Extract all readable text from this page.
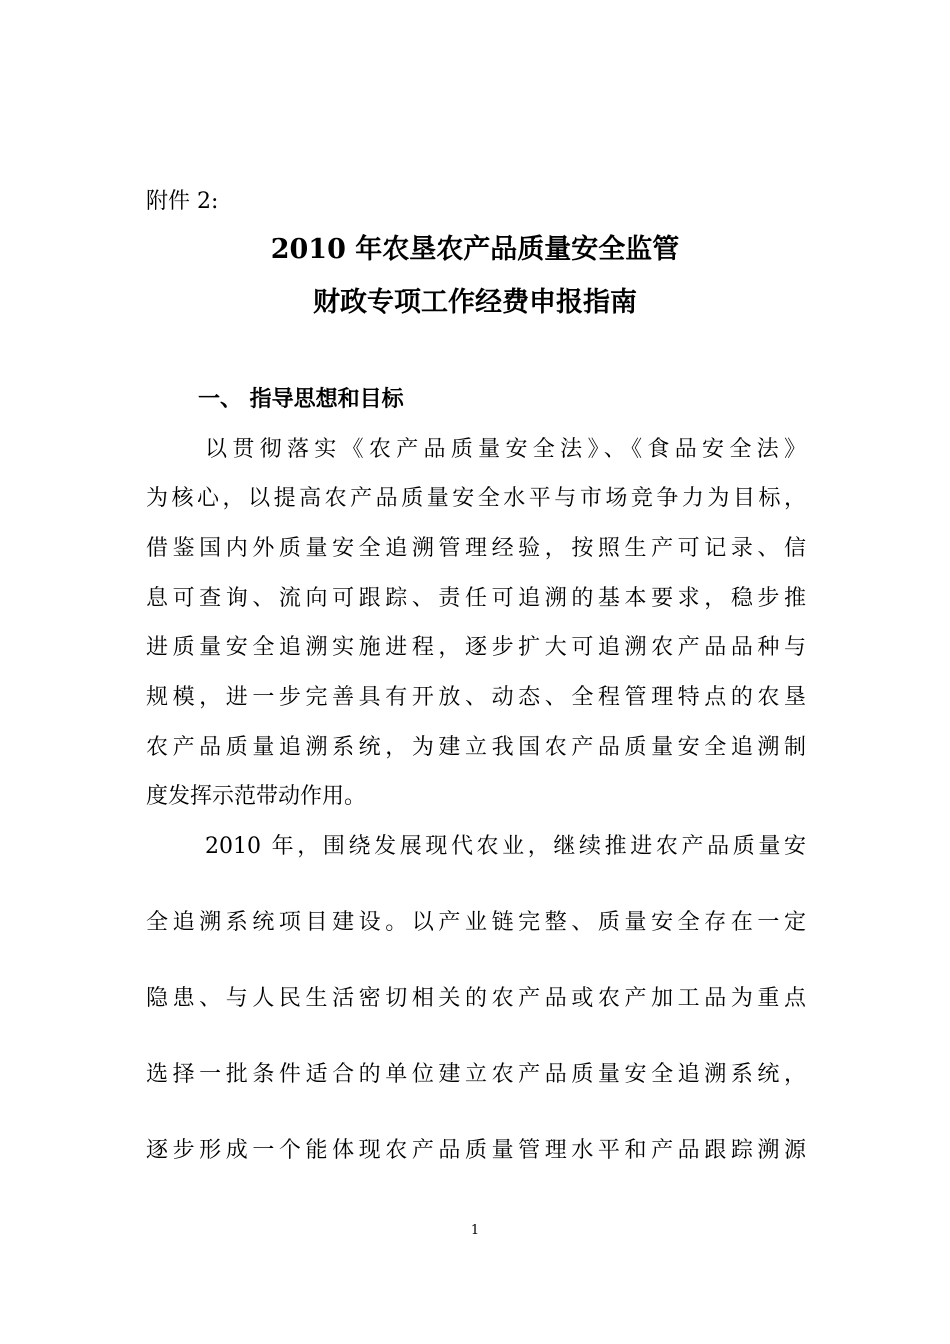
附件 2:
2010 年农垦农产品质量安全监管
财政专项工作经费申报指南
一、 指导思想和目标
以贯彻落实《农产品质量安全法》、《食品安全法》
为核心，以提高农产品质量安全水平与市场竞争力为目标，
借鉴国内外质量安全追溯管理经验，按照生产可记录、信
息可查询、流向可跟踪、责任可追溯的基本要求，稳步推
进质量安全追溯实施进程，逐步扩大可追溯农产品品种与
规模，进一步完善具有开放、动态、全程管理特点的农垦
农产品质量追溯系统，为建立我国农产品质量安全追溯制
度发挥示范带动作用。
2010 年，围绕发展现代农业，继续推进农产品质量安
全追溯系统项目建设。以产业链完整、质量安全存在一定
隐患、与人民生活密切相关的农产品或农产加工品为重点
选择一批条件适合的单位建立农产品质量安全追溯系统，
逐步形成一个能体现农产品质量管理水平和产品跟踪溯源
1
